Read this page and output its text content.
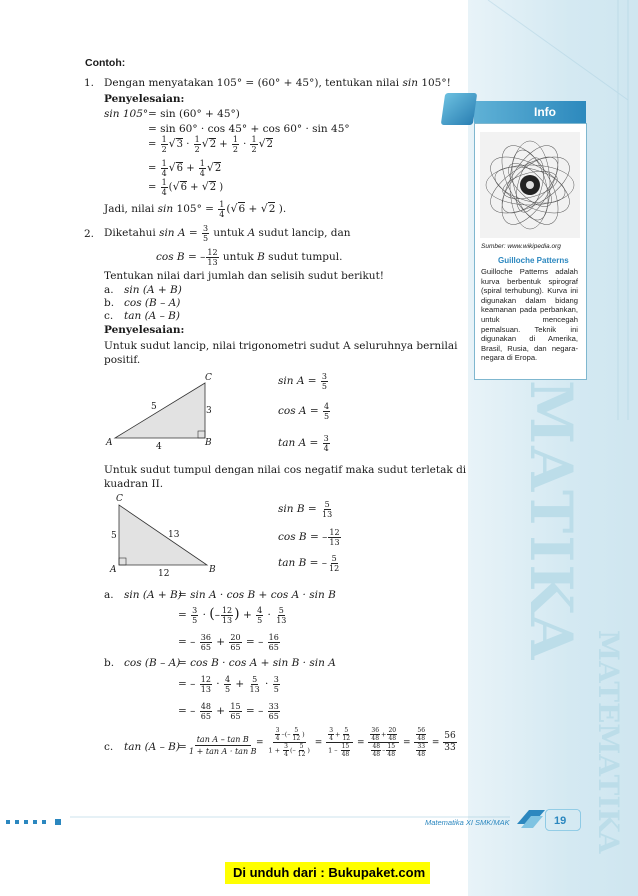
MATIKA
MATEMATIKA
Info
Sumber: www.wikipedia.org
Guilloche Patterns
Guilloche Patterns adalah kurva berbentuk spirograf (spiral terhubung). Kurva ini digunakan dalam bidang keamanan pada perbankan, untuk mencegah pemalsuan. Teknik ini digunakan di Amerika, Brasil, Rusia, dan negara-negara di Eropa.
Contoh:
1. Dengan menyatakan 105° = (60° + 45°), tentukan nilai sin 105°!
Penyelesaian:
sin 105° = sin (60° + 45°)
= sin 60° · cos 45° + cos 60° · sin 45°
= $\frac{1}{2} √3 \cdot \frac{1}{2} √2 + \frac{1}{2} \cdot \frac{1}{2} √2$
= $\frac{1}{4} √6 + \frac{1}{4} √2$
= $\frac{1}{4} (√6 + √2$ )
Jadi, nilai $\sin 105^\circ = \frac{1}{4} (√6 + √2$ ).
2. Diketahui $\sin A = \frac{3}{5}$ untuk A sudut lancip, dan
cos B = – $\frac{12}{13}$ untuk B sudut tumpul.
Tentukan nilai dari jumlah dan selisih sudut berikut!
a. sin (A + B)
b. cos (B – A)
c. tan (A – B)
Penyelesaian:
Untuk sudut lancip, nilai trigonometri sudut A seluruhnya bernilai
positif.
C
A	B
5	3
4
$\sin A = \frac{3}{5}$
$\cos A = \frac{4}{5}$
$\tan A = \frac{3}{4}$
Untuk sudut tumpul dengan nilai cos negatif maka sudut terletak di
kuadran II.
C
A	B
5	13
12
$\sin B = \frac{5}{13}$
cos B = – $\frac{12}{13}$
tan B = – $\frac{5}{12}$
a. sin (A + B)
= sin A · cos B + cos A · sin B
= $\frac{3}{5}$ · (– $\frac{12}{13}$ ) + $\frac{4}{5} \cdot \frac{5}{13}$
= – $\frac{36}{65} + \frac{20}{65}$ = – $\frac{16}{65}$
b. cos (B – A)
= cos B · cos A + sin B · sin A
= – $\frac{12}{13} \cdot \frac{4}{5} + \frac{5}{13} \cdot \frac{3}{5}$
= – $\frac{48}{65} + \frac{15}{65}$ = – $\frac{33}{65}$
c. tan (A – B)
= $\frac{\text{tan A – tan B}}{\text{1 + tan A · tan B}}$
= $\frac{\frac{3}{4} -(- \frac{5}{12} )}{1 + \frac{3}{4} (- \frac{5}{12} )} = \frac{\frac{3}{4} + \frac{5}{12}}{1 - \frac{15}{48}} = \frac{\frac{36}{48} + \frac{20}{48}}{\frac{48}{48} - \frac{15}{48}} = \frac{\frac{56}{48}}{\frac{33}{48}} = \frac{56}{33}$
Matematika XI SMK/MAK	19
Di unduh dari : Bukupaket.com
